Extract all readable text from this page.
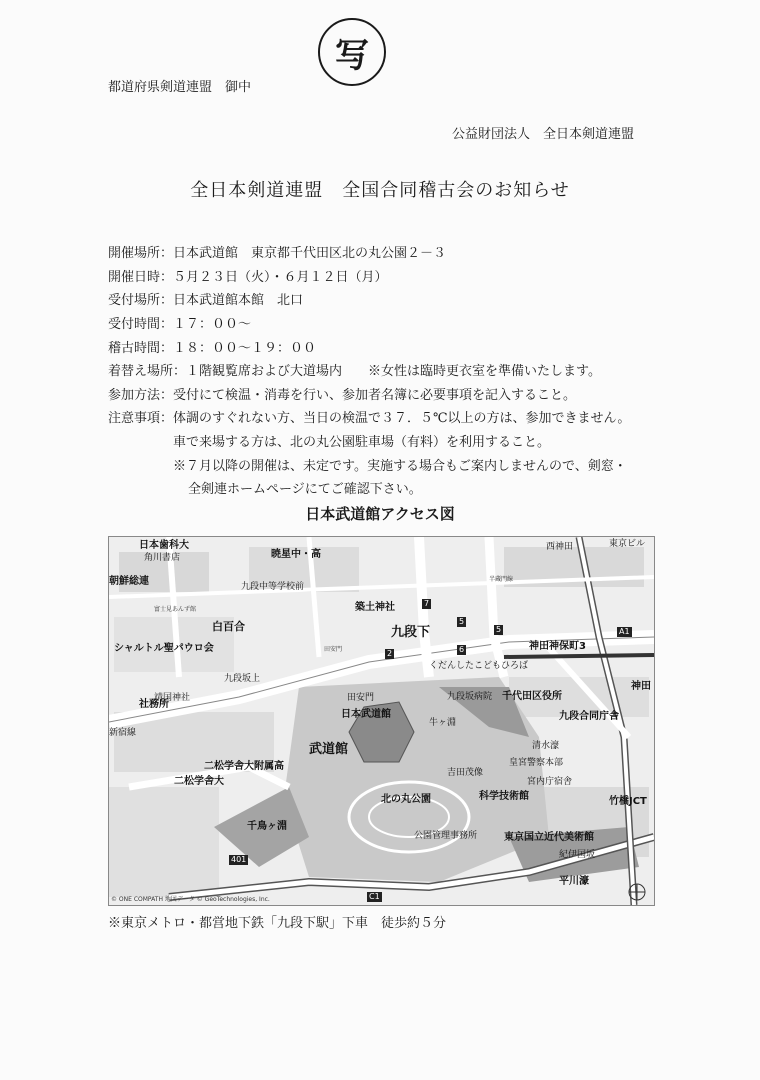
写
都道府県剣道連盟　御中
公益財団法人　全日本剣道連盟
全日本剣道連盟　全国合同稽古会のお知らせ
開催場所： 日本武道館　東京都千代田区北の丸公園２－３
開催日時： ５月２３日（火）・６月１２日（月）
受付場所： 日本武道館本館　北口
受付時間： １７：００～
稽古時間： １８：００～１９：００
着替え場所： １階観覧席および大道場内 ※女性は臨時更衣室を準備いたします。
参加方法： 受付にて検温・消毒を行い、参加者名簿に必要事項を記入すること。
注意事項： 体調のすぐれない方、当日の検温で３７．５℃以上の方は、参加できません。
車で来場する方は、北の丸公園駐車場（有料）を利用すること。
※７月以降の開催は、未定です。実施する場合もご案内しませんので、剣窓・
全剣連ホームページにてご確認下さい。
日本武道館アクセス図
日本歯科大
角川書店	暁星中・高
西神田	東京ビル
朝鮮総連	九段中等学校前
富士見あんず館
白百合
築土神社
九段下
神田神保町3
シャルトル聖パウロ会	田安門
くだんしたこどもひろば
九段坂上
靖国神社	田安門	九段坂病院 千代田区役所
社務所
日本武道館
牛ヶ淵
九段合同庁舎
新宿線
武道館	清水濠
二松学舎大附属高
二松学舎大
吉田茂像
皇宮警察本部
宮内庁宿舎
北の丸公園	科学技術館	竹橋JCT
千鳥ヶ淵
公園管理事務所	東京国立近代美術館
紀伊国坂
平川濠
© ONE COMPATH 地図データ © GeoTechnologies, Inc.
401
C1
A1
7
2
5
5
6
半蔵門線
神田
※東京メトロ・都営地下鉄「九段下駅」下車　徒歩約５分
